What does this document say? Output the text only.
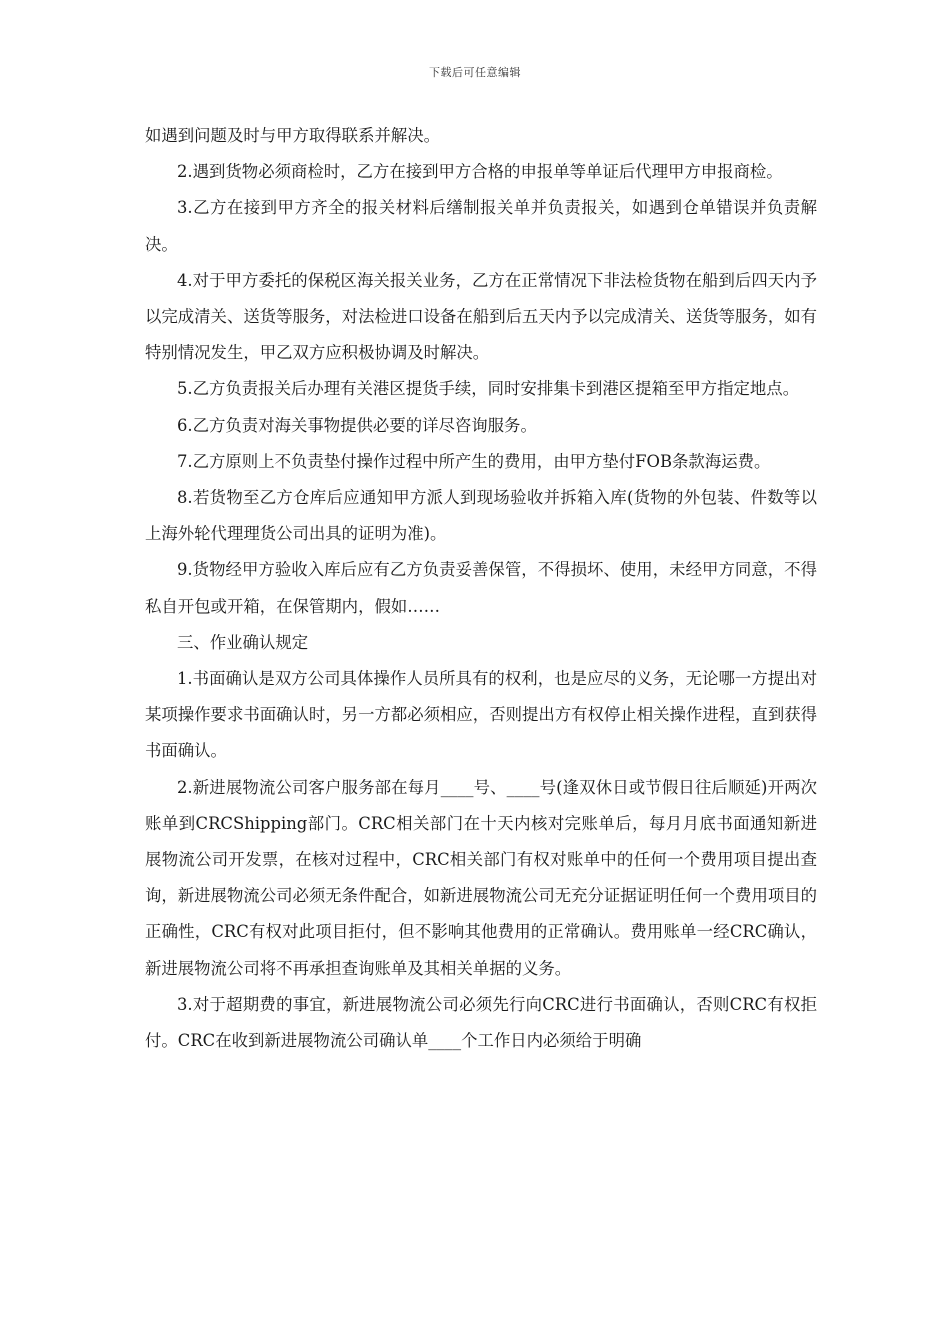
下载后可任意编辑

如遇到问题及时与甲方取得联系并解决。

2.遇到货物必须商检时，乙方在接到甲方合格的申报单等单证后代理甲方申报商检。

3.乙方在接到甲方齐全的报关材料后缮制报关单并负责报关，如遇到仓单错误并负责解决。

4.对于甲方委托的保税区海关报关业务，乙方在正常情况下非法检货物在船到后四天内予以完成清关、送货等服务，对法检进口设备在船到后五天内予以完成清关、送货等服务，如有特别情况发生，甲乙双方应积极协调及时解决。

5.乙方负责报关后办理有关港区提货手续，同时安排集卡到港区提箱至甲方指定地点。

6.乙方负责对海关事物提供必要的详尽咨询服务。

7.乙方原则上不负责垫付操作过程中所产生的费用，由甲方垫付FOB条款海运费。

8.若货物至乙方仓库后应通知甲方派人到现场验收并拆箱入库(货物的外包装、件数等以上海外轮代理理货公司出具的证明为准)。

9.货物经甲方验收入库后应有乙方负责妥善保管，不得损坏、使用，未经甲方同意，不得私自开包或开箱，在保管期内，假如……

三、作业确认规定

1.书面确认是双方公司具体操作人员所具有的权利，也是应尽的义务，无论哪一方提出对某项操作要求书面确认时，另一方都必须相应，否则提出方有权停止相关操作进程，直到获得书面确认。

2.新进展物流公司客户服务部在每月____号、____号(逢双休日或节假日往后顺延)开两次账单到CRCShipping部门。CRC相关部门在十天内核对完账单后，每月月底书面通知新进展物流公司开发票，在核对过程中，CRC相关部门有权对账单中的任何一个费用项目提出查询，新进展物流公司必须无条件配合，如新进展物流公司无充分证据证明任何一个费用项目的正确性，CRC有权对此项目拒付，但不影响其他费用的正常确认。费用账单一经CRC确认，新进展物流公司将不再承担查询账单及其相关单据的义务。

3.对于超期费的事宜，新进展物流公司必须先行向CRC进行书面确认，否则CRC有权拒付。CRC在收到新进展物流公司确认单____个工作日内必须给于明确
